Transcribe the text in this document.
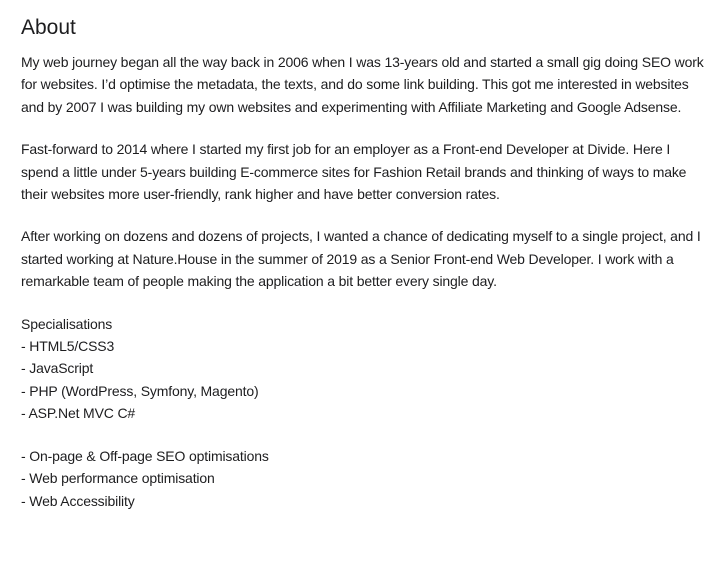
About

My web journey began all the way back in 2006 when I was 13-years old and started a small gig doing SEO work for websites. I’d optimise the metadata, the texts, and do some link building. This got me interested in websites and by 2007 I was building my own websites and experimenting with Affiliate Marketing and Google Adsense.

Fast-forward to 2014 where I started my first job for an employer as a Front-end Developer at Divide. Here I spend a little under 5-years building E-commerce sites for Fashion Retail brands and thinking of ways to make their websites more user-friendly, rank higher and have better conversion rates.

After working on dozens and dozens of projects, I wanted a chance of dedicating myself to a single project, and I started working at Nature.House in the summer of 2019 as a Senior Front-end Web Developer. I work with a remarkable team of people making the application a bit better every single day.

Specialisations
- HTML5/CSS3
- JavaScript
- PHP (WordPress, Symfony, Magento)
- ASP.Net MVC C#
- On-page & Off-page SEO optimisations
- Web performance optimisation
- Web Accessibility
